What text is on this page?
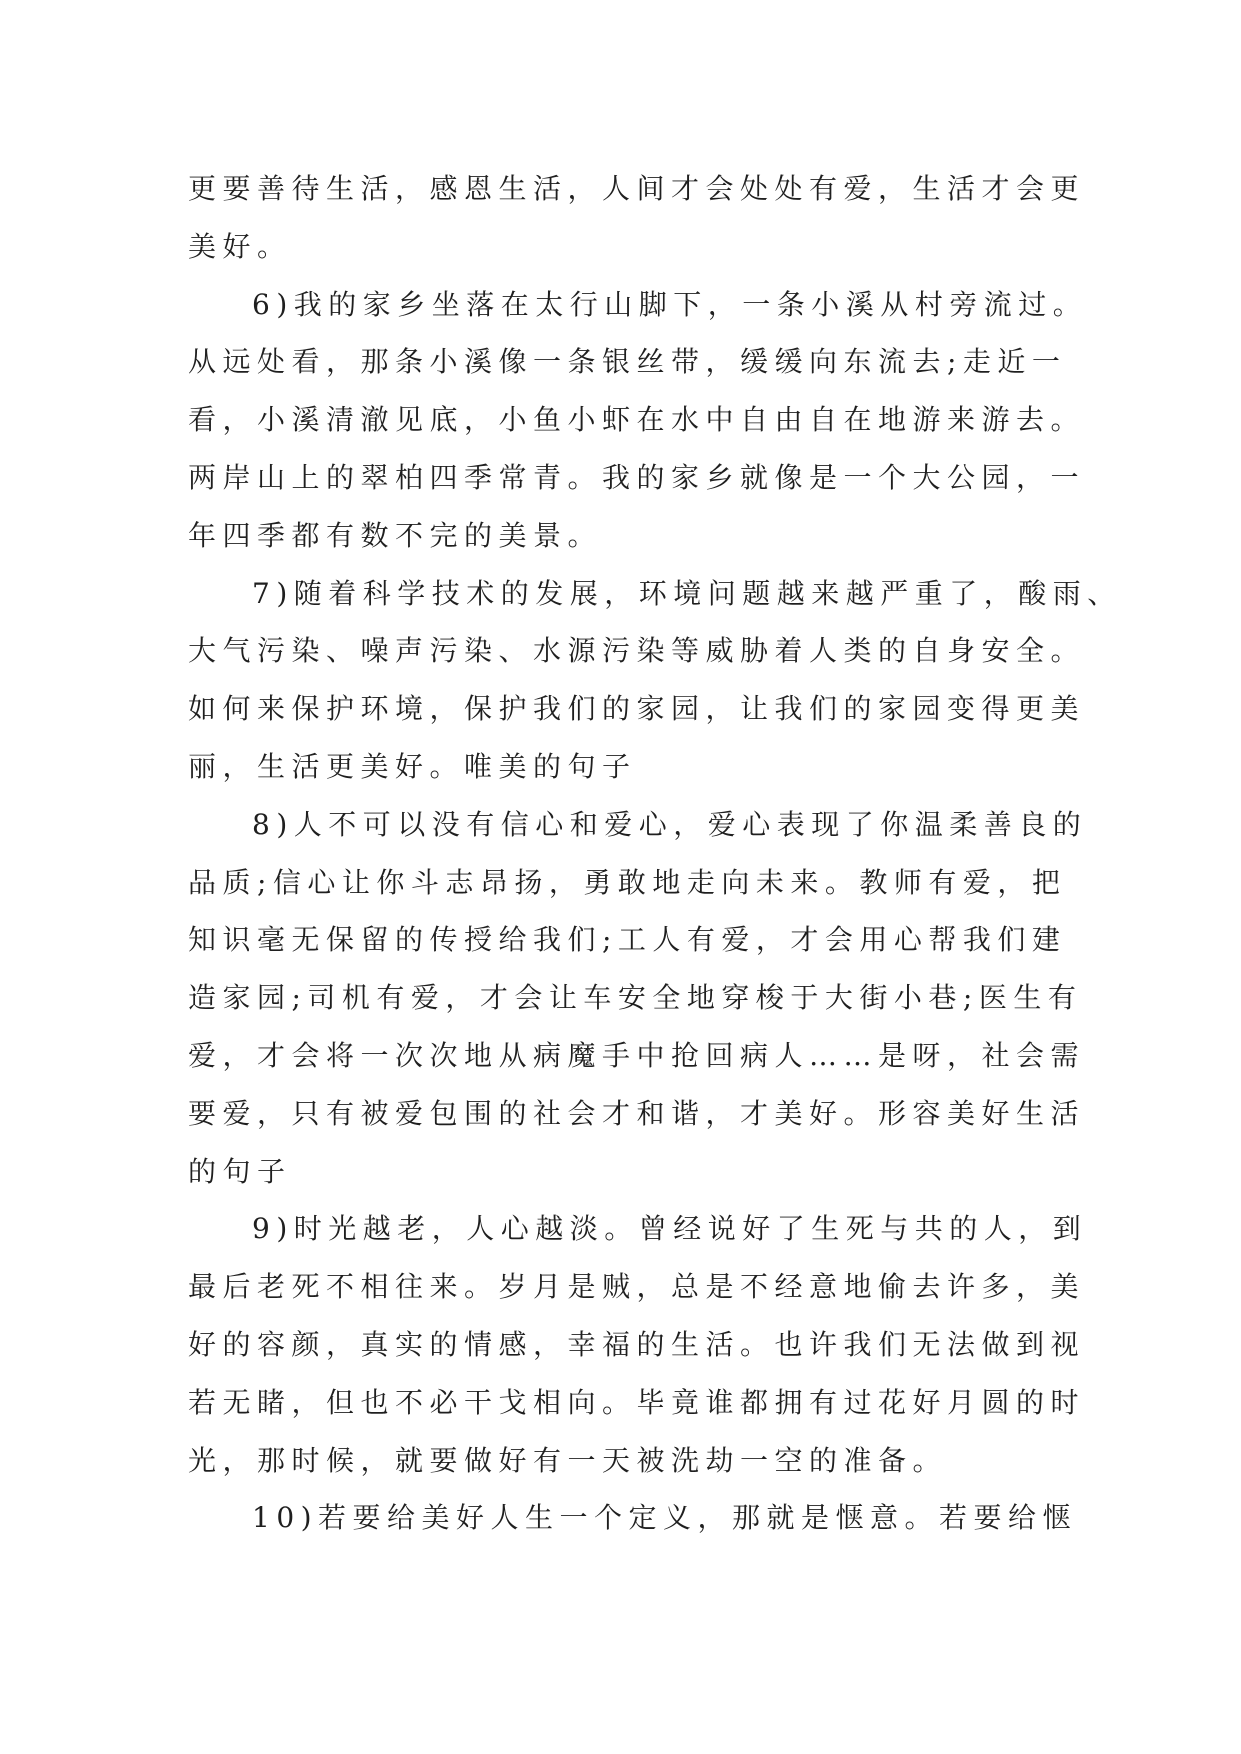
更要善待生活，感恩生活，人间才会处处有爱，生活才会更
美好。
6)我的家乡坐落在太行山脚下，一条小溪从村旁流过。
从远处看，那条小溪像一条银丝带，缓缓向东流去;走近一
看，小溪清澈见底，小鱼小虾在水中自由自在地游来游去。
两岸山上的翠柏四季常青。我的家乡就像是一个大公园，一
年四季都有数不完的美景。
7)随着科学技术的发展，环境问题越来越严重了，酸雨、
大气污染、噪声污染、水源污染等威胁着人类的自身安全。
如何来保护环境，保护我们的家园，让我们的家园变得更美
丽，生活更美好。唯美的句子
8)人不可以没有信心和爱心，爱心表现了你温柔善良的
品质;信心让你斗志昂扬，勇敢地走向未来。教师有爱，把
知识毫无保留的传授给我们;工人有爱，才会用心帮我们建
造家园;司机有爱，才会让车安全地穿梭于大街小巷;医生有
爱，才会将一次次地从病魔手中抢回病人……是呀，社会需
要爱，只有被爱包围的社会才和谐，才美好。形容美好生活
的句子
9)时光越老，人心越淡。曾经说好了生死与共的人，到
最后老死不相往来。岁月是贼，总是不经意地偷去许多，美
好的容颜，真实的情感，幸福的生活。也许我们无法做到视
若无睹，但也不必干戈相向。毕竟谁都拥有过花好月圆的时
光，那时候，就要做好有一天被洗劫一空的准备。
10)若要给美好人生一个定义，那就是惬意。若要给惬
